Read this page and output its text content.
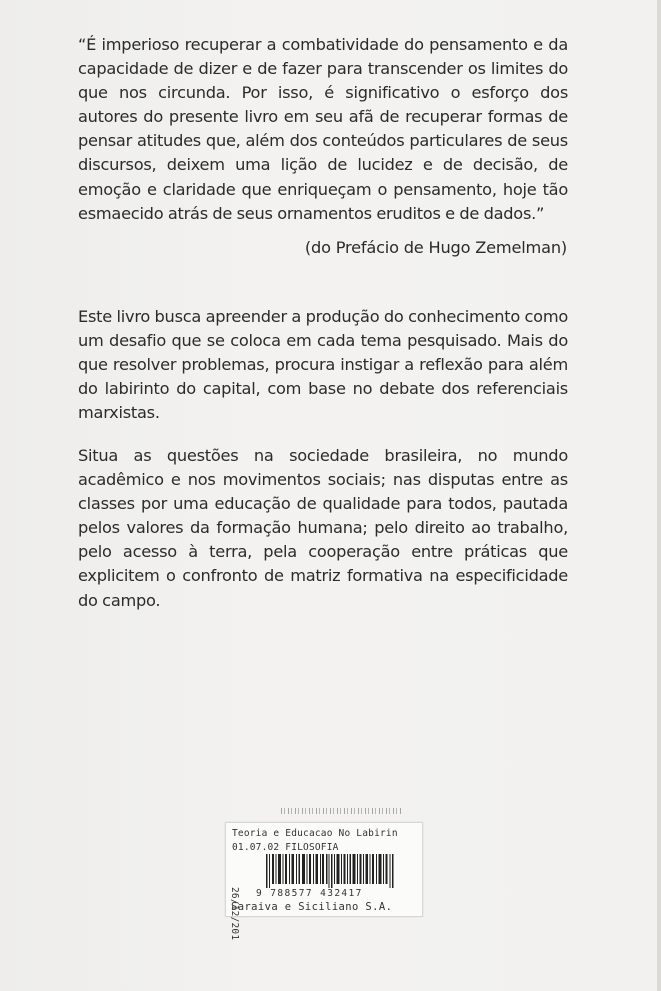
“É imperioso recuperar a combatividade do pensamento e da capacidade de dizer e de fazer para transcender os limites do que nos circunda. Por isso, é significativo o esforço dos autores do presente livro em seu afã de recuperar formas de pensar atitudes que, além dos conteúdos particulares de seus discursos, deixem uma lição de lucidez e de decisão, de emoção e claridade que enriqueçam o pensamento, hoje tão esmaecido atrás de seus ornamentos eruditos e de dados.”

(do Prefácio de Hugo Zemelman)

Este livro busca apreender a produção do conhecimento como um desafio que se coloca em cada tema pesquisado. Mais do que resolver problemas, procura instigar a reflexão para além do labirinto do capital, com base no debate dos referenciais marxistas.

Situa as questões na sociedade brasileira, no mundo acadêmico e nos movimentos sociais; nas disputas entre as classes por uma educação de qualidade para todos, pautada pelos valores da formação humana; pelo direito ao trabalho, pelo acesso à terra, pela cooperação entre práticas que explicitem o confronto de matriz formativa na especificidade do campo.

Teoria e Educacao No Labirin
01.07.02 FILOSOFIA
26/12/201 9 788577 432417
Saraiva e Siciliano S.A.
